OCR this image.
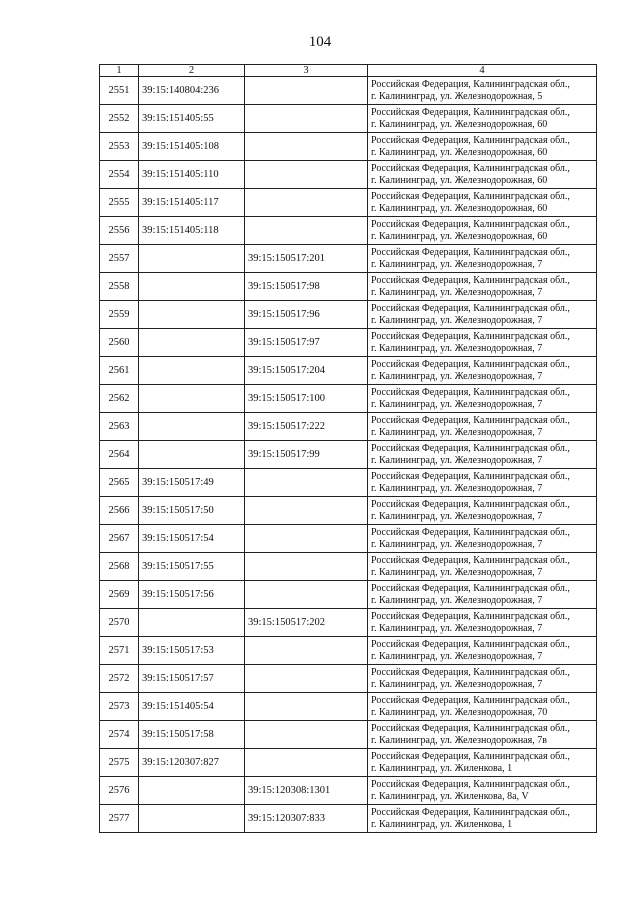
104
1	2	3	4
2551	39:15:140804:236		Российская Федерация, Калининградская обл.,
г. Калининград, ул. Железнодорожная, 5

2552	39:15:151405:55		Российская Федерация, Калининградская обл.,
г. Калининград, ул. Железнодорожная, 60

2553	39:15:151405:108		Российская Федерация, Калининградская обл.,
г. Калининград, ул. Железнодорожная, 60

2554	39:15:151405:110		Российская Федерация, Калининградская обл.,
г. Калининград, ул. Железнодорожная, 60

2555	39:15:151405:117		Российская Федерация, Калининградская обл.,
г. Калининград, ул. Железнодорожная, 60

2556	39:15:151405:118		Российская Федерация, Калининградская обл.,
г. Калининград, ул. Железнодорожная, 60

2557		39:15:150517:201	Российская Федерация, Калининградская обл.,
г. Калининград, ул. Железнодорожная, 7

2558		39:15:150517:98	Российская Федерация, Калининградская обл.,
г. Калининград, ул. Железнодорожная, 7

2559		39:15:150517:96	Российская Федерация, Калининградская обл.,
г. Калининград, ул. Железнодорожная, 7

2560		39:15:150517:97	Российская Федерация, Калининградская обл.,
г. Калининград, ул. Железнодорожная, 7

2561		39:15:150517:204	Российская Федерация, Калининградская обл.,
г. Калининград, ул. Железнодорожная, 7

2562		39:15:150517:100	Российская Федерация, Калининградская обл.,
г. Калининград, ул. Железнодорожная, 7

2563		39:15:150517:222	Российская Федерация, Калининградская обл.,
г. Калининград, ул. Железнодорожная, 7

2564		39:15:150517:99	Российская Федерация, Калининградская обл.,
г. Калининград, ул. Железнодорожная, 7

2565	39:15:150517:49		Российская Федерация, Калининградская обл.,
г. Калининград, ул. Железнодорожная, 7

2566	39:15:150517:50		Российская Федерация, Калининградская обл.,
г. Калининград, ул. Железнодорожная, 7

2567	39:15:150517:54		Российская Федерация, Калининградская обл.,
г. Калининград, ул. Железнодорожная, 7

2568	39:15:150517:55		Российская Федерация, Калининградская обл.,
г. Калининград, ул. Железнодорожная, 7

2569	39:15:150517:56		Российская Федерация, Калининградская обл.,
г. Калининград, ул. Железнодорожная, 7

2570		39:15:150517:202	Российская Федерация, Калининградская обл.,
г. Калининград, ул. Железнодорожная, 7

2571	39:15:150517:53		Российская Федерация, Калининградская обл.,
г. Калининград, ул. Железнодорожная, 7

2572	39:15:150517:57		Российская Федерация, Калининградская обл.,
г. Калининград, ул. Железнодорожная, 7

2573	39:15:151405:54		Российская Федерация, Калининградская обл.,
г. Калининград, ул. Железнодорожная, 70

2574	39:15:150517:58		Российская Федерация, Калининградская обл.,
г. Калининград, ул. Железнодорожная, 7в

2575	39:15:120307:827		Российская Федерация, Калининградская обл.,
г. Калининград, ул. Жиленкова, 1

2576		39:15:120308:1301	Российская Федерация, Калининградская обл.,
г. Калининград, ул. Жиленкова, 8а, V

2577		39:15:120307:833	Российская Федерация, Калининградская обл.,
г. Калининград, ул. Жиленкова, 1
